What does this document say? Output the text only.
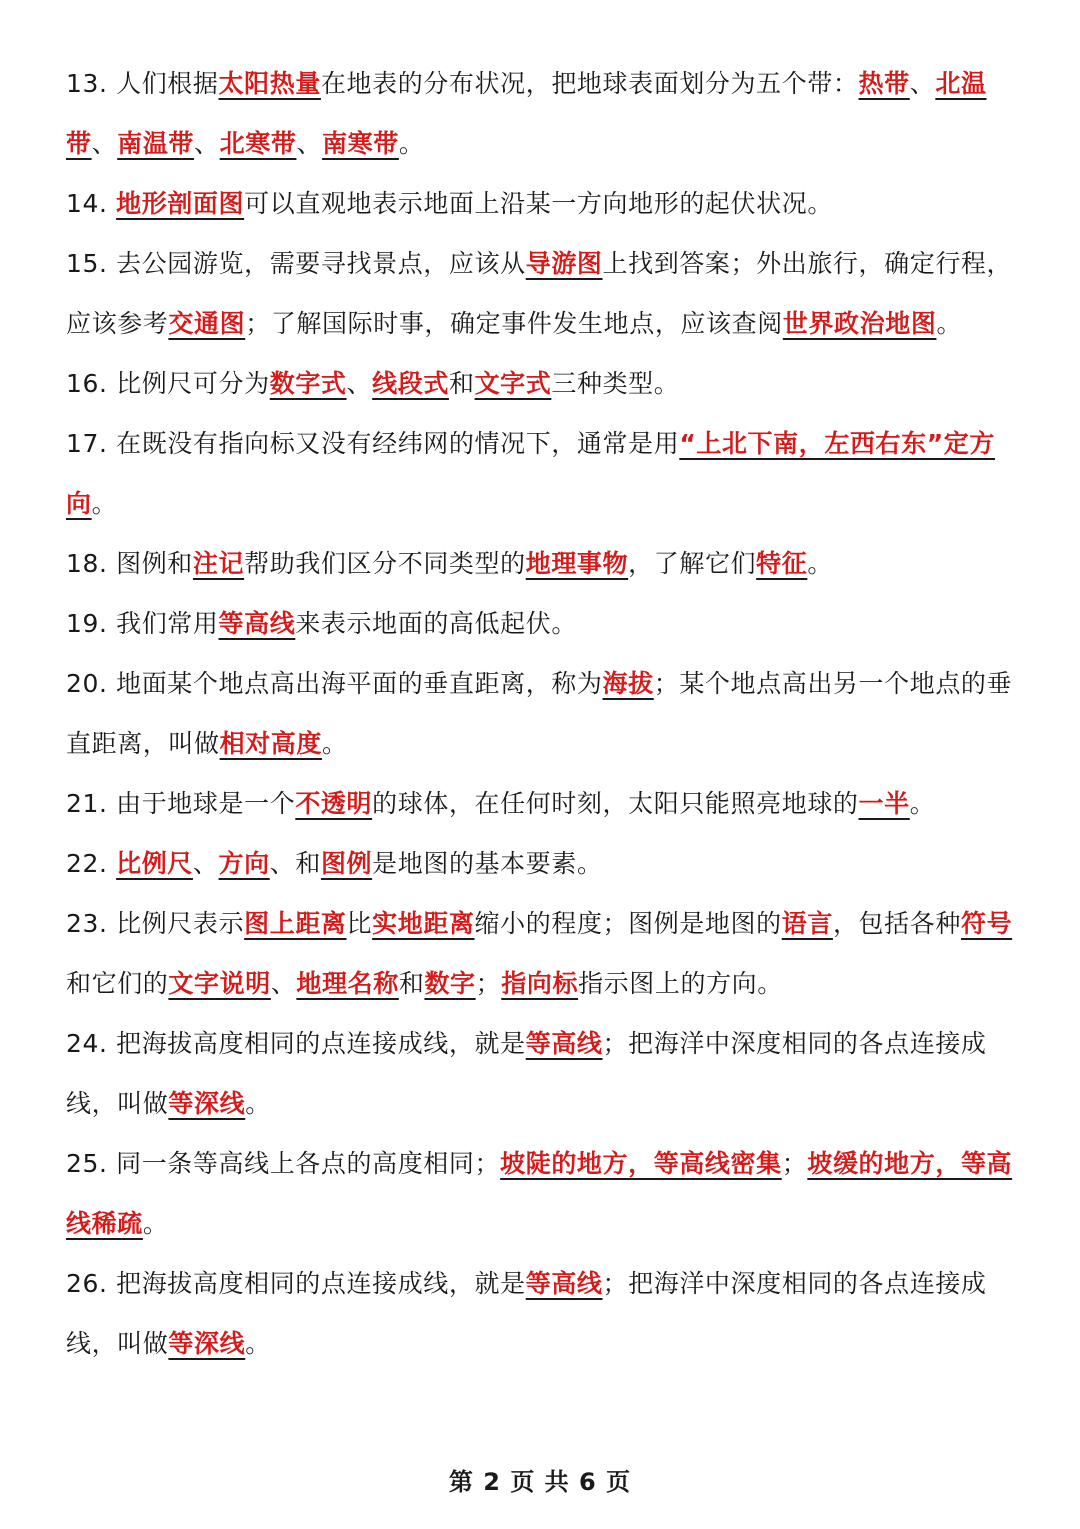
13. 人们根据太阳热量在地表的分布状况，把地球表面划分为五个带：热带、北温带、南温带、北寒带、南寒带。
14. 地形剖面图可以直观地表示地面上沿某一方向地形的起伏状况。
15. 去公园游览，需要寻找景点，应该从导游图上找到答案；外出旅行，确定行程，应该参考交通图；了解国际时事，确定事件发生地点，应该查阅世界政治地图。
16. 比例尺可分为数字式、线段式和文字式三种类型。
17. 在既没有指向标又没有经纬网的情况下，通常是用“上北下南，左西右东”定方向。
18. 图例和注记帮助我们区分不同类型的地理事物，了解它们特征。
19. 我们常用等高线来表示地面的高低起伏。
20. 地面某个地点高出海平面的垂直距离，称为海拔；某个地点高出另一个地点的垂直距离，叫做相对高度。
21. 由于地球是一个不透明的球体，在任何时刻，太阳只能照亮地球的一半。
22. 比例尺、方向、和图例是地图的基本要素。
23. 比例尺表示图上距离比实地距离缩小的程度；图例是地图的语言，包括各种符号和它们的文字说明、地理名称和数字；指向标指示图上的方向。
24. 把海拔高度相同的点连接成线，就是等高线；把海洋中深度相同的各点连接成线，叫做等深线。
25. 同一条等高线上各点的高度相同；坡陡的地方，等高线密集；坡缓的地方，等高线稀疏。
26. 把海拔高度相同的点连接成线，就是等高线；把海洋中深度相同的各点连接成线，叫做等深线。
第 2 页 共 6 页
